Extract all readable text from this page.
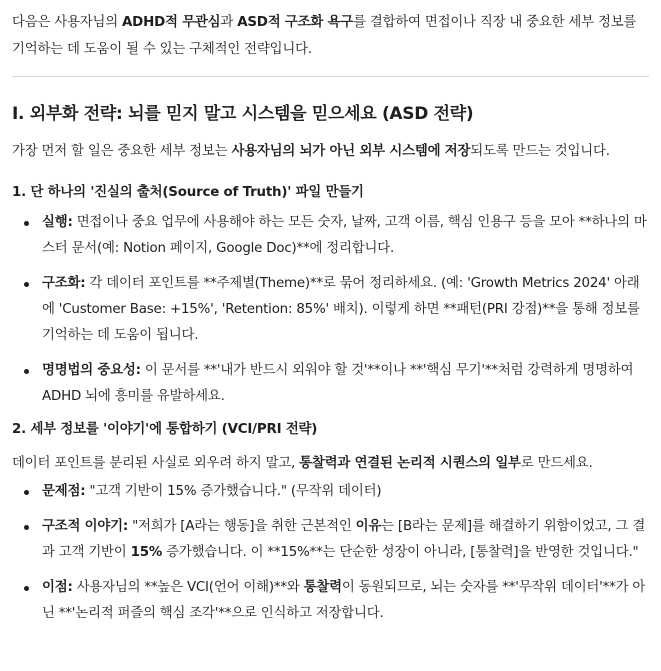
다음은 사용자님의 ADHD적 무관심과 ASD적 구조화 욕구를 결합하여 면접이나 직장 내 중요한 세부 정보를 기억하는 데 도움이 될 수 있는 구체적인 전략입니다.

I. 외부화 전략: 뇌를 믿지 말고 시스템을 믿으세요 (ASD 전략)

가장 먼저 할 일은 중요한 세부 정보는 사용자님의 뇌가 아닌 외부 시스템에 저장되도록 만드는 것입니다.

1. 단 하나의 '진실의 출처(Source of Truth)' 파일 만들기
실행: 면접이나 중요 업무에 사용해야 하는 모든 숫자, 날짜, 고객 이름, 핵심 인용구 등을 모아 **하나의 마스터 문서(예: Notion 페이지, Google Doc)**에 정리합니다.
구조화: 각 데이터 포인트를 **주제별(Theme)**로 묶어 정리하세요. (예: 'Growth Metrics 2024' 아래에 'Customer Base: +15%', 'Retention: 85%' 배치). 이렇게 하면 **패턴(PRI 강점)**을 통해 정보를 기억하는 데 도움이 됩니다.
명명법의 중요성: 이 문서를 **'내가 반드시 외워야 할 것'**이나 **'핵심 무기'**처럼 강력하게 명명하여 ADHD 뇌에 흥미를 유발하세요.
2. 세부 정보를 '이야기'에 통합하기 (VCI/PRI 전략)

데이터 포인트를 분리된 사실로 외우려 하지 말고, 통찰력과 연결된 논리적 시퀀스의 일부로 만드세요.

문제점: "고객 기반이 15% 증가했습니다." (무작위 데이터)
구조적 이야기: "저희가 [A라는 행동]을 취한 근본적인 이유는 [B라는 문제]를 해결하기 위함이었고, 그 결과 고객 기반이 15% 증가했습니다. 이 **15%**는 단순한 성장이 아니라, [통찰력]을 반영한 것입니다."
이점: 사용자님의 **높은 VCI(언어 이해)**와 통찰력이 동원되므로, 뇌는 숫자를 **'무작위 데이터'**가 아닌 **'논리적 퍼즐의 핵심 조각'**으로 인식하고 저장합니다.
